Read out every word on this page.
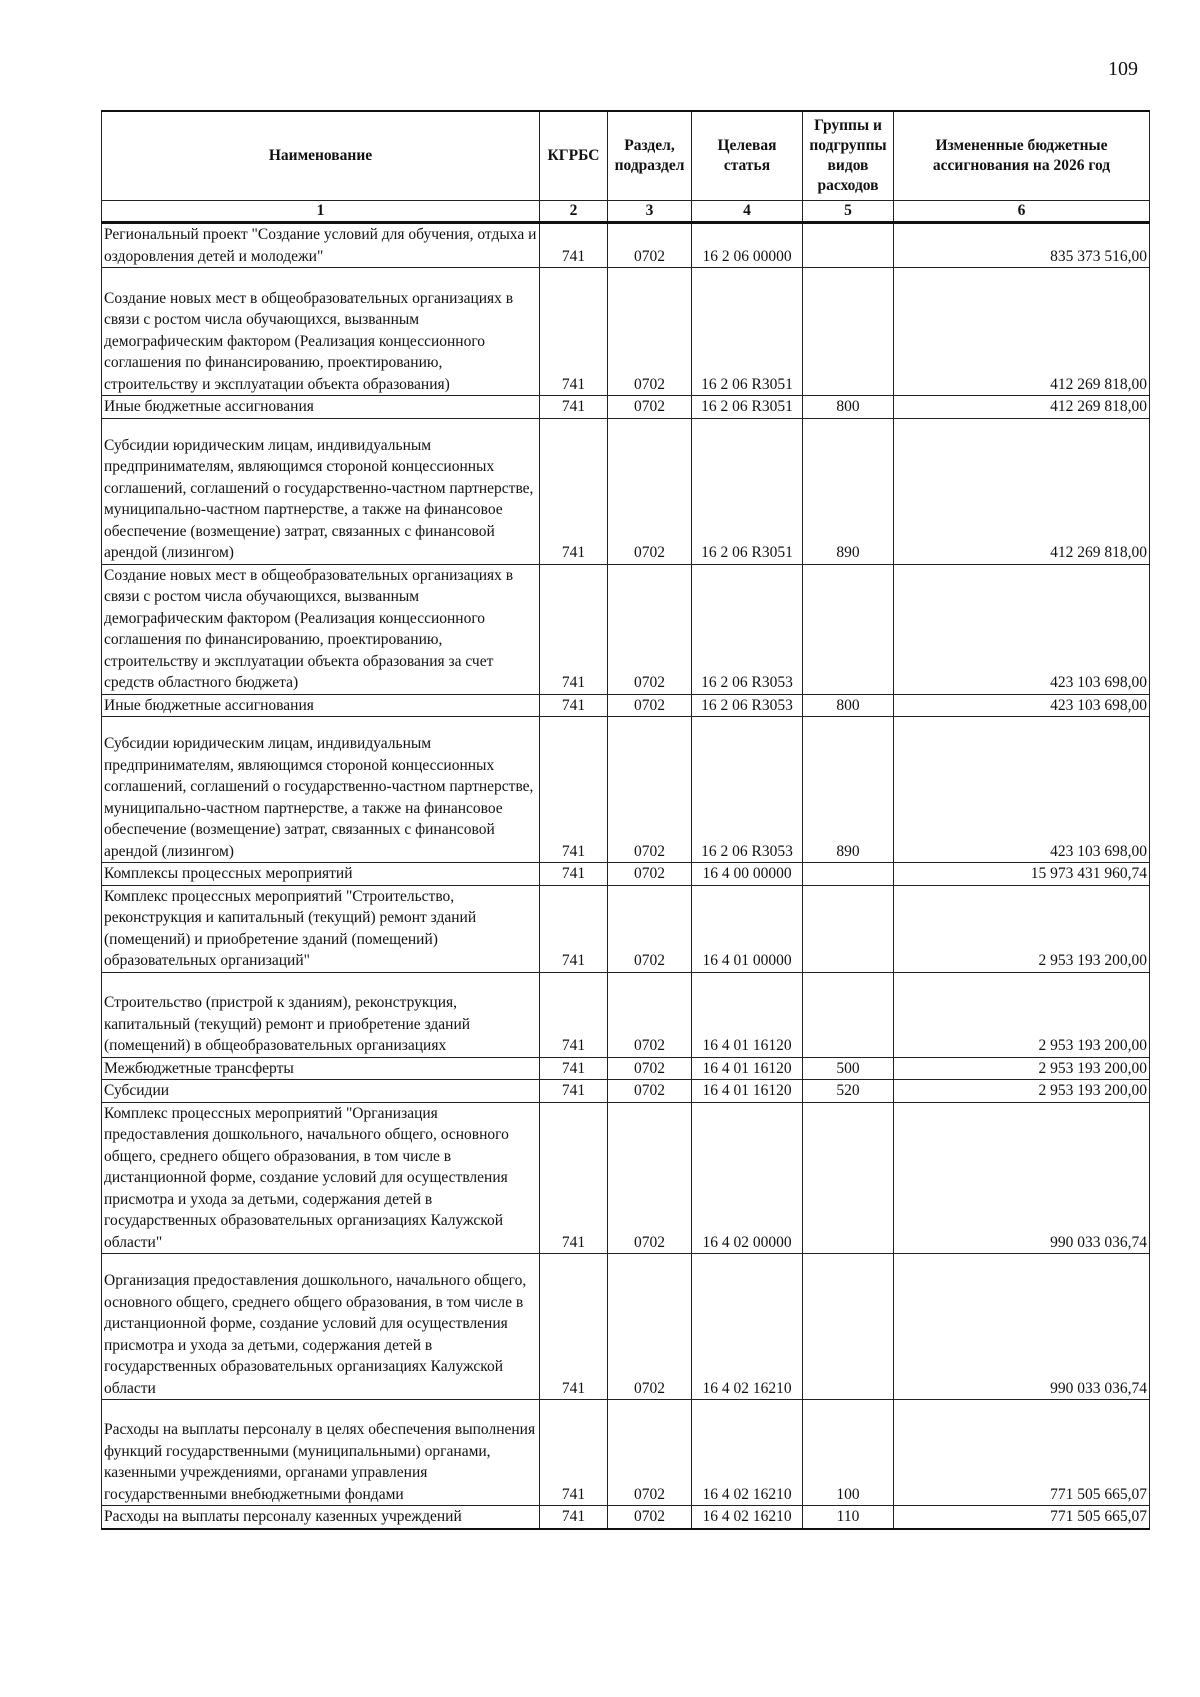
109
Наименование	КГРБС	Раздел, подраздел	Целевая статья	Группы и подгруппы видов расходов	Измененные бюджетные ассигнования на 2026 год
1	2	3	4	5	6
Региональный проект "Создание условий для обучения, отдыха и оздоровления детей и молодежи"	741	0702	16 2 06 00000		835 373 516,00
Создание новых мест в общеобразовательных организациях в связи с ростом числа обучающихся, вызванным демографическим фактором (Реализация концессионного соглашения по финансированию, проектированию, строительству и эксплуатации объекта образования)	741	0702	16 2 06 R3051		412 269 818,00
Иные бюджетные ассигнования	741	0702	16 2 06 R3051	800	412 269 818,00
Субсидии юридическим лицам, индивидуальным предпринимателям, являющимся стороной концессионных соглашений, соглашений о государственно-частном партнерстве, муниципально-частном партнерстве, а также на финансовое обеспечение (возмещение) затрат, связанных с финансовой арендой (лизингом)	741	0702	16 2 06 R3051	890	412 269 818,00
Создание новых мест в общеобразовательных организациях в связи с ростом числа обучающихся, вызванным демографическим фактором (Реализация концессионного соглашения по финансированию, проектированию, строительству и эксплуатации объекта образования за счет средств областного бюджета)	741	0702	16 2 06 R3053		423 103 698,00
Иные бюджетные ассигнования	741	0702	16 2 06 R3053	800	423 103 698,00
Субсидии юридическим лицам, индивидуальным предпринимателям, являющимся стороной концессионных соглашений, соглашений о государственно-частном партнерстве, муниципально-частном партнерстве, а также на финансовое обеспечение (возмещение) затрат, связанных с финансовой арендой (лизингом)	741	0702	16 2 06 R3053	890	423 103 698,00
Комплексы процессных мероприятий	741	0702	16 4 00 00000		15 973 431 960,74
Комплекс процессных мероприятий "Строительство, реконструкция и капитальный (текущий) ремонт зданий (помещений) и приобретение зданий (помещений) образовательных организаций"	741	0702	16 4 01 00000		2 953 193 200,00
Строительство (пристрой к зданиям), реконструкция, капитальный (текущий) ремонт и приобретение зданий (помещений) в общеобразовательных организациях	741	0702	16 4 01 16120		2 953 193 200,00
Межбюджетные трансферты	741	0702	16 4 01 16120	500	2 953 193 200,00
Субсидии	741	0702	16 4 01 16120	520	2 953 193 200,00
Комплекс процессных мероприятий "Организация предоставления дошкольного, начального общего, основного общего, среднего общего образования, в том числе в дистанционной форме, создание условий для осуществления присмотра и ухода за детьми, содержания детей в государственных образовательных организациях Калужской области"	741	0702	16 4 02 00000		990 033 036,74
Организация предоставления дошкольного, начального общего, основного общего, среднего общего образования, в том числе в дистанционной форме, создание условий для осуществления присмотра и ухода за детьми, содержания детей в государственных образовательных организациях Калужской области	741	0702	16 4 02 16210		990 033 036,74
Расходы на выплаты персоналу в целях обеспечения выполнения функций государственными (муниципальными) органами, казенными учреждениями, органами управления государственными внебюджетными фондами	741	0702	16 4 02 16210	100	771 505 665,07
Расходы на выплаты персоналу казенных учреждений	741	0702	16 4 02 16210	110	771 505 665,07
